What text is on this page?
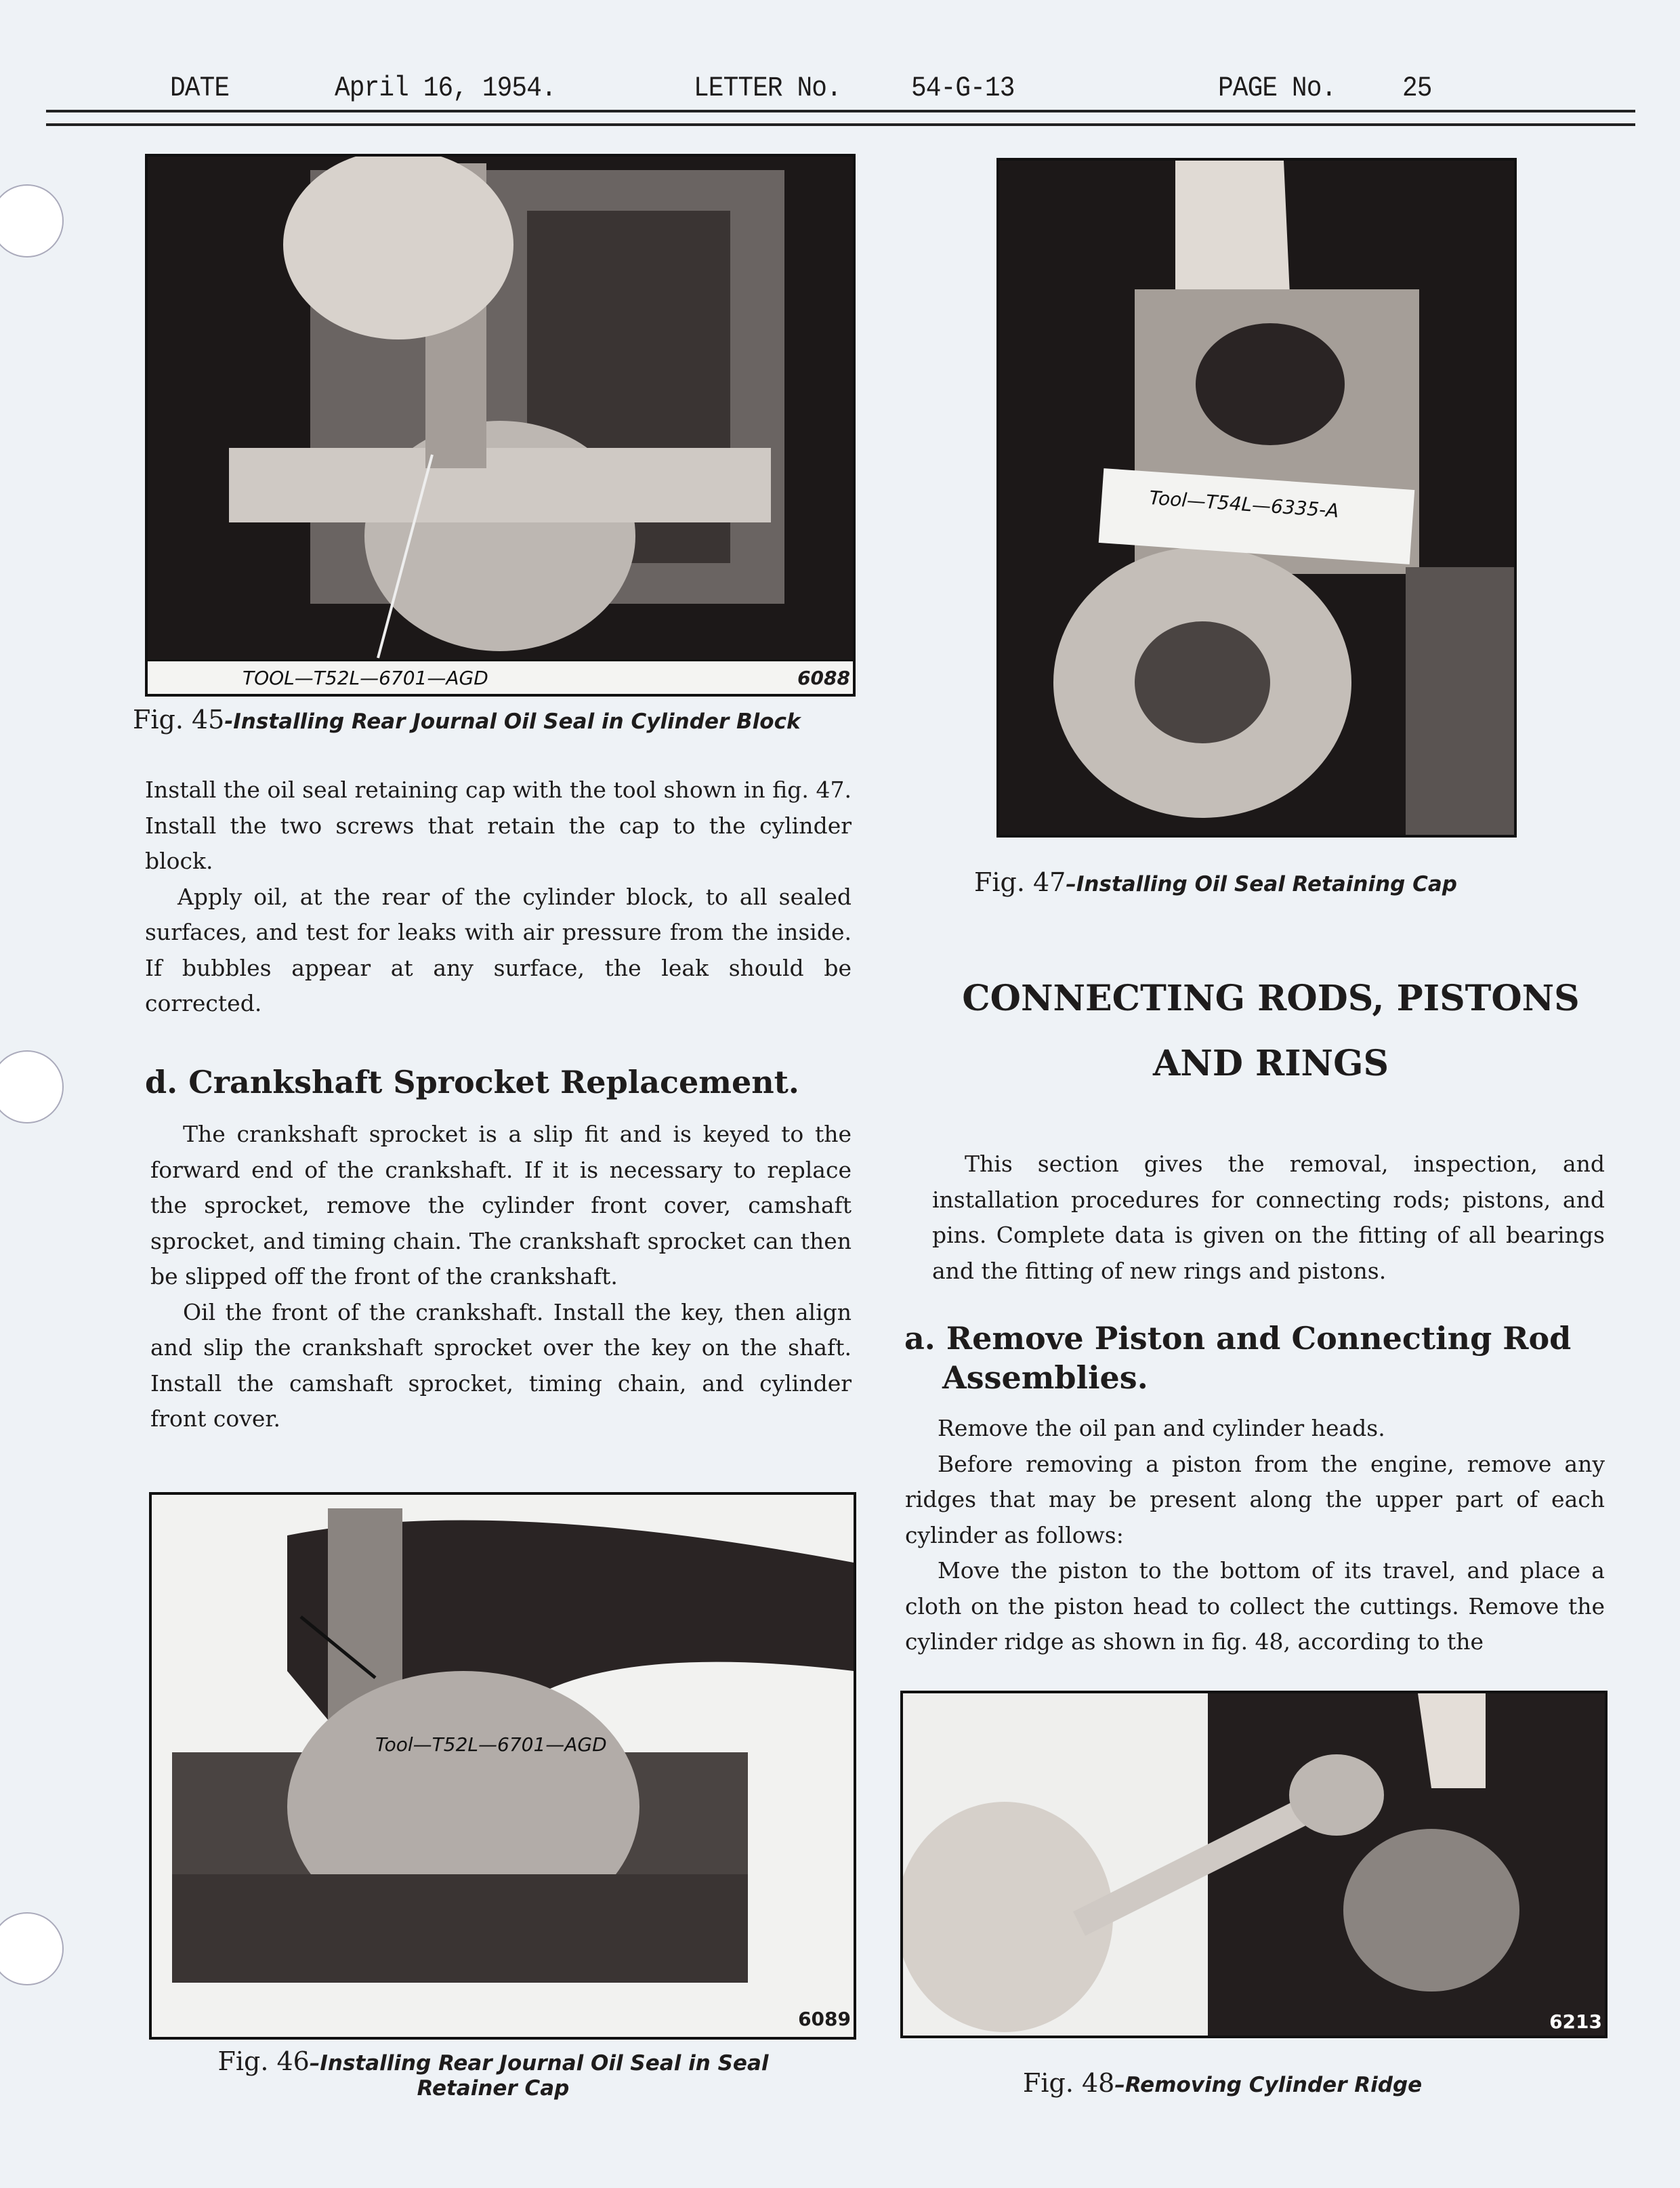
DATE	April 16, 1954.	LETTER No. 54-G-13	PAGE No. 25
TOOL—T52L—6701—AGD	6088
Fig. 45-Installing Rear Journal Oil Seal in Cylinder Block

Install the oil seal retaining cap with the tool shown in fig. 47. Install the two screws that retain the cap to the cylinder block.

Apply oil, at the rear of the cylinder block, to all sealed surfaces, and test for leaks with air pressure from the inside. If bubbles appear at any surface, the leak should be corrected.

d. Crankshaft Sprocket Replacement.

The crankshaft sprocket is a slip fit and is keyed to the forward end of the crankshaft. If it is necessary to replace the sprocket, remove the cylinder front cover, camshaft sprocket, and timing chain. The crankshaft sprocket can then be slipped off the front of the crankshaft.

Oil the front of the crankshaft. Install the key, then align and slip the crankshaft sprocket over the key on the shaft. Install the camshaft sprocket, timing chain, and cylinder front cover.

Tool—T52L—6701—AGD
6089
Fig. 46–Installing Rear Journal Oil Seal in Seal
Retainer Cap
Tool—T54L—6335-A
Fig. 47–Installing Oil Seal Retaining Cap
CONNECTING RODS, PISTONS
AND RINGS

This section gives the removal, inspection, and installation procedures for connecting rods; pistons, and pins. Complete data is given on the fitting of all bearings and the fitting of new rings and pistons.

a. Remove Piston and Connecting Rod
Assemblies.

Remove the oil pan and cylinder heads.

Before removing a piston from the engine, remove any ridges that may be present along the upper part of each cylinder as follows:

Move the piston to the bottom of its travel, and place a cloth on the piston head to collect the cuttings. Remove the cylinder ridge as shown in fig. 48, according to the

6213
Fig. 48–Removing Cylinder Ridge
